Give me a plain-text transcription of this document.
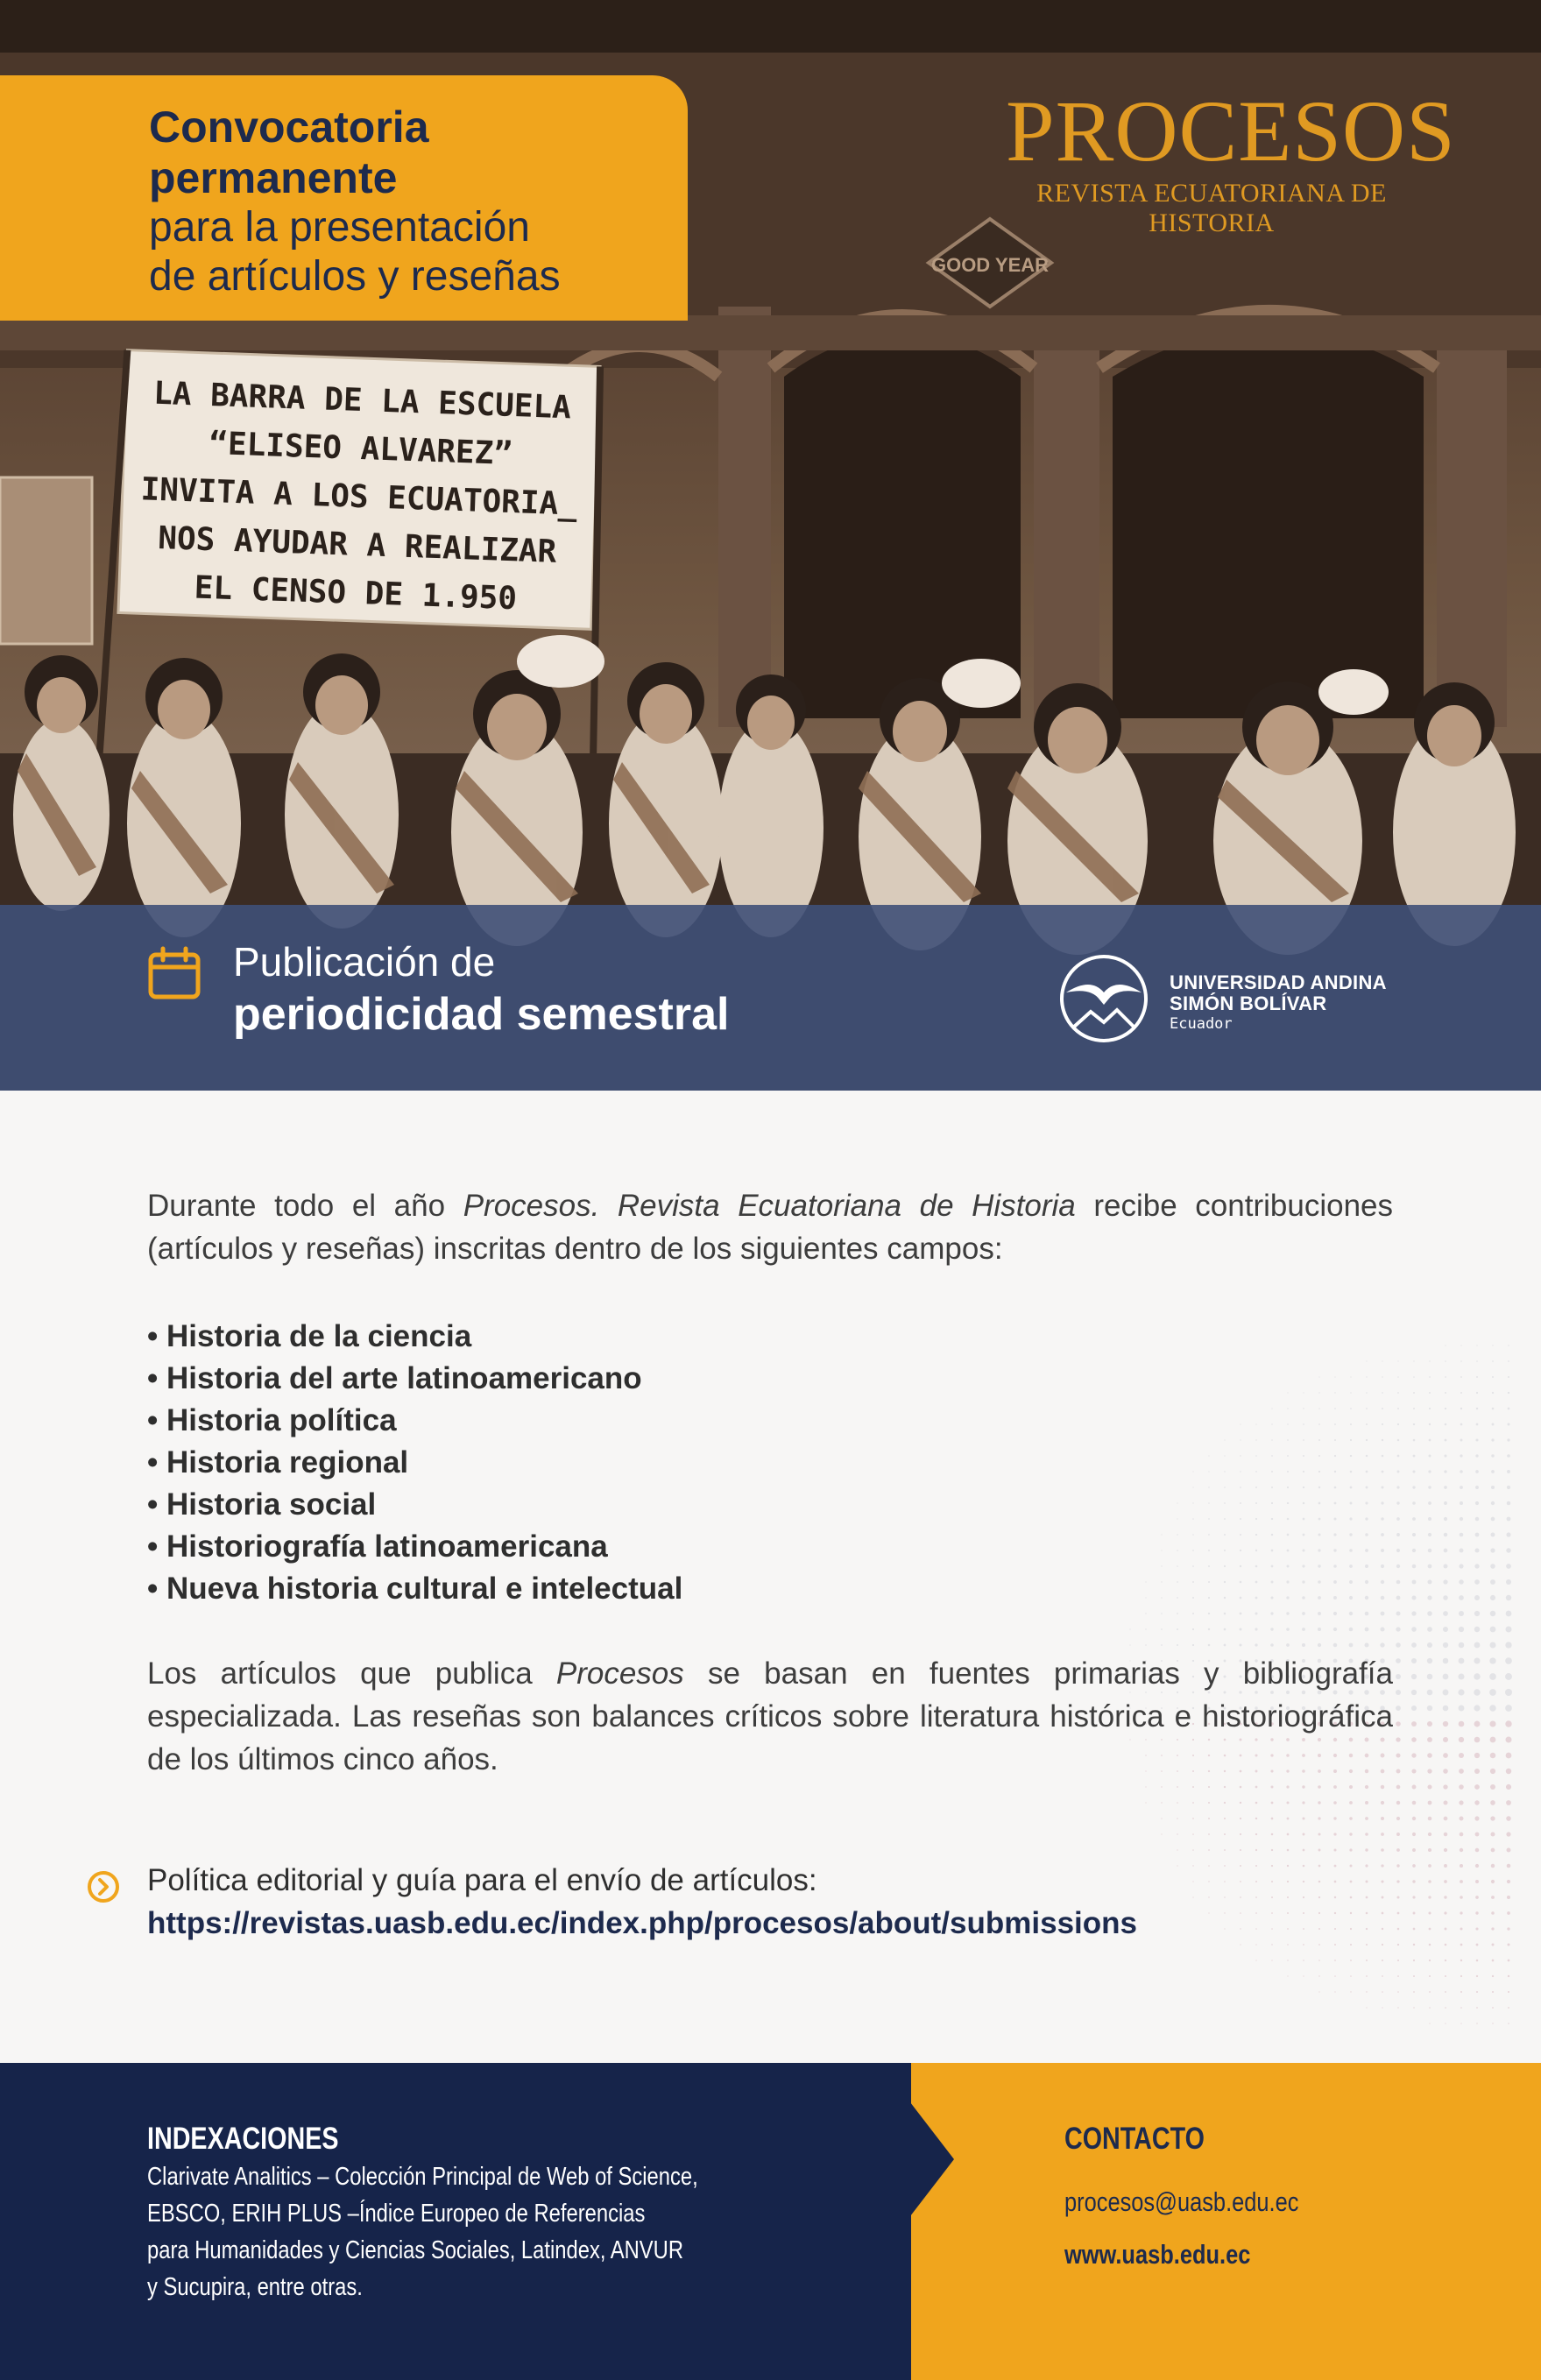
GOOD YEAR
LA BARRA DE LA ESCUELA
“ELISEO ALVAREZ”
INVITA A LOS ECUATORIA_
NOS AYUDAR A REALIZAR
EL CENSO DE 1.950
Convocatoria
permanente
para la presentación
de artículos y reseñas
PROCESOS
REVISTA ECUATORIANA DE HISTORIA
Publicación de
periodicidad semestral
UNIVERSIDAD ANDINA
SIMÓN BOLÍVAR
Ecuador

Durante todo el año Procesos. Revista Ecuatoriana de Historia recibe contribuciones (artículos y reseñas) inscritas dentro de los siguientes campos:

• Historia de la ciencia
• Historia del arte latinoamericano
• Historia política
• Historia regional
• Historia social
• Historiografía latinoamericana
• Nueva historia cultural e intelectual

Los artículos que publica Procesos se basan en fuentes primarias y bibliografía especializada. Las reseñas son balances críticos sobre literatura histórica e historiográfica de los últimos cinco años.

Política editorial y guía para el envío de artículos:
https://revistas.uasb.edu.ec/index.php/procesos/about/submissions
INDEXACIONES
Clarivate Analitics – Colección Principal de Web of Science,
EBSCO, ERIH PLUS –Índice Europeo de Referencias
para Humanidades y Ciencias Sociales, Latindex, ANVUR
y Sucupira, entre otras.
CONTACTO
procesos@uasb.edu.ec
www.uasb.edu.ec
